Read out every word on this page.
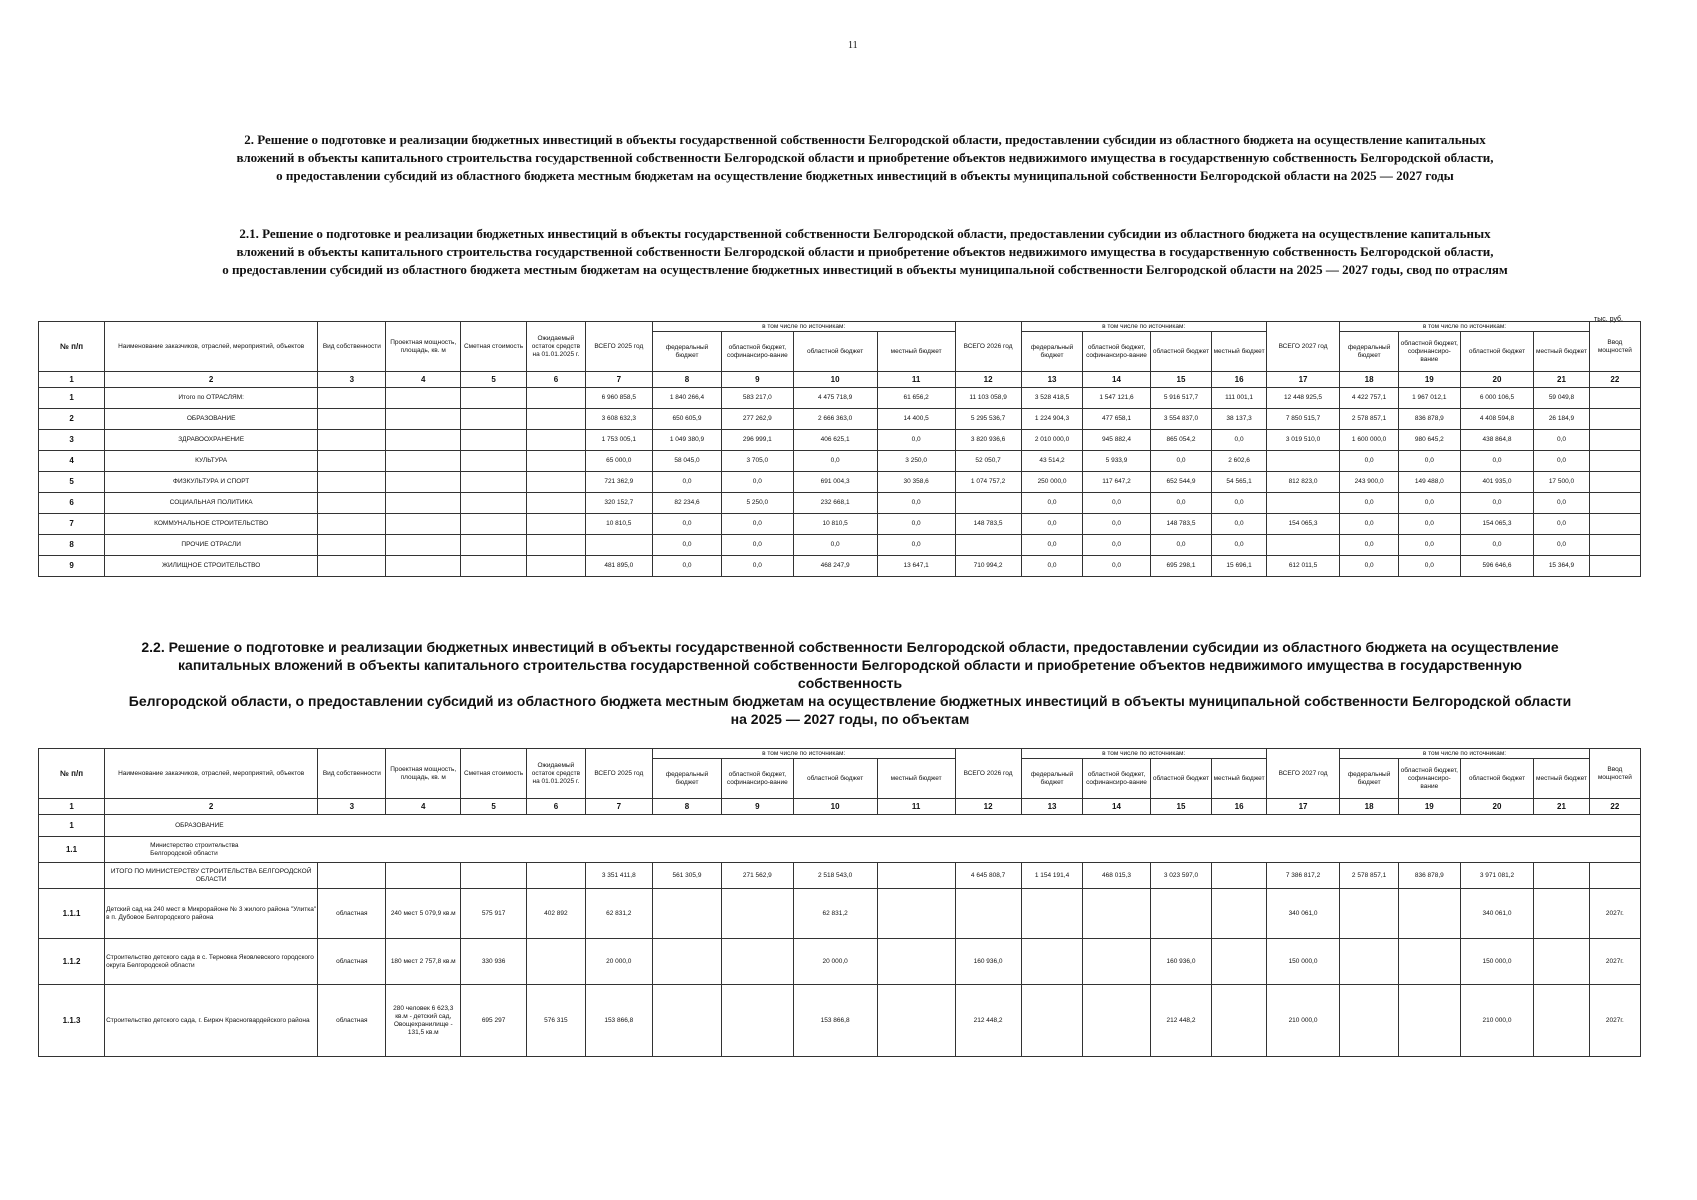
11
2. Решение о подготовке и реализации бюджетных инвестиций в объекты государственной собственности Белгородской области, предоставлении субсидии из областного бюджета на осуществление капитальных
вложений в объекты капитального строительства государственной собственности Белгородской области и приобретение объектов недвижимого имущества в государственную собственность Белгородской области,
о предоставлении субсидий из областного бюджета местным бюджетам на осуществление бюджетных инвестиций в объекты муниципальной собственности Белгородской области на 2025 — 2027 годы
2.1. Решение о подготовке и реализации бюджетных инвестиций в объекты государственной собственности Белгородской области, предоставлении субсидии из областного бюджета на осуществление капитальных
вложений в объекты капитального строительства государственной собственности Белгородской области и приобретение объектов недвижимого имущества в государственную собственность Белгородской области,
о предоставлении субсидий из областного бюджета местным бюджетам на осуществление бюджетных инвестиций в объекты муниципальной собственности Белгородской области на 2025 — 2027 годы, свод по отраслям
тыс. руб.
№ п/п	Наименование заказчиков, отраслей, мероприятий, объектов	Вид собственности	Проектная мощность, площадь, кв. м	Сметная стоимость	Ожидаемый остаток средств на 01.01.2025 г.	ВСЕГО 2025 год	в том числе по источникам:				ВСЕГО 2026 год	в том числе по источникам:				ВСЕГО 2027 год	в том числе по источникам:				Ввод мощностей
							федеральный бюджет	областной бюджет, софинансиро-вание	областной бюджет	местный бюджет		федеральный бюджет	областной бюджет, софинансиро-вание	областной бюджет	местный бюджет		федеральный бюджет	областной бюджет, софинансиро-вание	областной бюджет	местный бюджет	
1	2	3	4	5	6	7	8	9	10	11	12	13	14	15	16	17	18	19	20	21	22
1	Итого по ОТРАСЛЯМ:					6 960 858,5	1 840 266,4	583 217,0	4 475 718,9	61 656,2	11 103 058,9	3 528 418,5	1 547 121,6	5 916 517,7	111 001,1	12 448 925,5	4 422 757,1	1 967 012,1	6 000 106,5	59 049,8	
2	ОБРАЗОВАНИЕ					3 608 632,3	650 605,9	277 262,9	2 666 363,0	14 400,5	5 295 536,7	1 224 904,3	477 658,1	3 554 837,0	38 137,3	7 850 515,7	2 578 857,1	836 878,9	4 408 594,8	26 184,9	
3	ЗДРАВООХРАНЕНИЕ					1 753 005,1	1 049 380,9	296 999,1	406 625,1	0,0	3 820 936,6	2 010 000,0	945 882,4	865 054,2	0,0	3 019 510,0	1 600 000,0	980 645,2	438 864,8	0,0	
4	КУЛЬТУРА					65 000,0	58 045,0	3 705,0	0,0	3 250,0	52 050,7	43 514,2	5 933,9	0,0	2 602,6		0,0	0,0	0,0	0,0	
5	ФИЗКУЛЬТУРА И СПОРТ					721 362,9	0,0	0,0	691 004,3	30 358,6	1 074 757,2	250 000,0	117 647,2	652 544,9	54 565,1	812 823,0	243 900,0	149 488,0	401 935,0	17 500,0	
6	СОЦИАЛЬНАЯ ПОЛИТИКА					320 152,7	82 234,6	5 250,0	232 668,1	0,0		0,0	0,0	0,0	0,0		0,0	0,0	0,0	0,0	
7	КОММУНАЛЬНОЕ СТРОИТЕЛЬСТВО					10 810,5	0,0	0,0	10 810,5	0,0	148 783,5	0,0	0,0	148 783,5	0,0	154 065,3	0,0	0,0	154 065,3	0,0	
8	ПРОЧИЕ ОТРАСЛИ						0,0	0,0	0,0	0,0		0,0	0,0	0,0	0,0		0,0	0,0	0,0	0,0	
9	ЖИЛИЩНОЕ СТРОИТЕЛЬСТВО					481 895,0	0,0	0,0	468 247,9	13 647,1	710 994,2	0,0	0,0	695 298,1	15 696,1	612 011,5	0,0	0,0	596 646,6	15 364,9	
2.2. Решение о подготовке и реализации бюджетных инвестиций в объекты государственной собственности Белгородской области, предоставлении субсидии из областного бюджета на осуществление
капитальных вложений в объекты капитального строительства государственной собственности Белгородской области и приобретение объектов недвижимого имущества в государственную
собственность
Белгородской области, о предоставлении субсидий из областного бюджета местным бюджетам на осуществление бюджетных инвестиций в объекты муниципальной собственности Белгородской области
на 2025 — 2027 годы, по объектам
№ п/п	Наименование заказчиков, отраслей, мероприятий, объектов	Вид собственности	Проектная мощность, площадь, кв. м	Сметная стоимость	Ожидаемый остаток средств на 01.01.2025 г.	ВСЕГО 2025 год	в том числе по источникам:				ВСЕГО 2026 год	в том числе по источникам:				ВСЕГО 2027 год	в том числе по источникам:				Ввод мощностей
							федеральный бюджет	областной бюджет, софинансиро-вание	областной бюджет	местный бюджет		федеральный бюджет	областной бюджет, софинансиро-вание	областной бюджет	местный бюджет		федеральный бюджет	областной бюджет, софинансиро-вание	областной бюджет	местный бюджет	
1	2	3	4	5	6	7	8	9	10	11	12	13	14	15	16	17	18	19	20	21	22
1	ОБРАЗОВАНИЕ																				
1.1	Министерство строительства Белгородской области																				
	ИТОГО ПО МИНИСТЕРСТВУ СТРОИТЕЛЬСТВА БЕЛГОРОДСКОЙ ОБЛАСТИ					3 351 411,8	561 305,9	271 562,9	2 518 543,0		4 645 808,7	1 154 191,4	468 015,3	3 023 597,0		7 386 817,2	2 578 857,1	836 878,9	3 971 081,2		
1.1.1	Детский сад на 240 мест в Микрорайоне № 3 жилого района "Улитка" в п. Дубовое Белгородского района	областная	240 мест 5 079,9 кв.м	575 917	402 892	62 831,2			62 831,2							340 061,0			340 061,0		2027г.
1.1.2	Строительство детского сада в с. Терновка Яковлевского городского округа Белгородской области	областная	180 мест 2 757,8 кв.м	330 936		20 000,0			20 000,0		160 936,0			160 936,0		150 000,0			150 000,0		2027г.
1.1.3	Строительство детского сада, г. Бирюч Красногвардейского района	областная	280 человек 6 623,3 кв.м - детский сад, Овощехранилище - 131,5 кв.м	695 297	576 315	153 866,8			153 866,8		212 448,2			212 448,2		210 000,0			210 000,0		2027г.
